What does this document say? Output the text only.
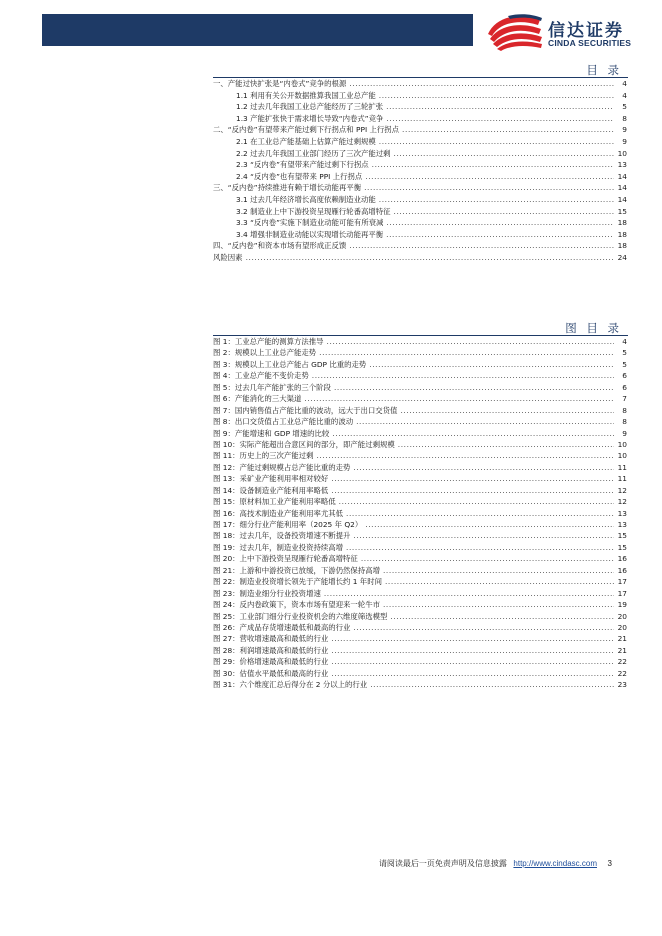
信达证券
CINDA SECURITIES
目 录
一、产能过快扩张是“内卷式”竞争的根源 .....	4
1.1 利用有关公开数据推算我国工业总产能 .....	4
1.2 过去几年我国工业总产能经历了三轮扩张 .....	5
1.3 产能扩张快于需求增长导致“内卷式”竞争 .....	8
二、“反内卷”有望带来产能过剩下行拐点和 PPI 上行拐点 .....	9
2.1 在工业总产能基础上估算产能过剩规模 .....	9
2.2 过去几年我国工业部门经历了三次产能过剩 .....	10
2.3 “反内卷”有望带来产能过剩下行拐点 .....	13
2.4 “反内卷”也有望带来 PPI 上行拐点 .....	14
三、“反内卷”持续推进有赖于增长动能再平衡 .....	14
3.1 过去几年经济增长高度依赖制造业动能 .....	14
3.2 制造业上中下游投资呈现雁行轮番高增特征 .....	15
3.3 “反内卷”实施下制造业动能可能有所衰减 .....	18
3.4 增强非制造业动能以实现增长动能再平衡 .....	18
四、“反内卷”和资本市场有望形成正反馈 .....	18
风险因素 .....	24
图 目 录
图 1：工业总产能的测算方法推导 .....	4
图 2：规模以上工业总产能走势 .....	5
图 3：规模以上工业总产能占 GDP 比重的走势 .....	5
图 4：工业总产能不变价走势 .....	6
图 5：过去几年产能扩张的三个阶段 .....	6
图 6：产能消化的三大渠道 .....	7
图 7：国内销售值占产能比重的波动，远大于出口交货值 .....	8
图 8：出口交货值占工业总产能比重的波动 .....	8
图 9：产能增速和 GDP 增速的比较 .....	9
图 10：实际产能超出合意区间的部分，即产能过剩规模 .....	10
图 11：历史上的三次产能过剩 .....	10
图 12：产能过剩规模占总产能比重的走势 .....	11
图 13：采矿业产能利用率相对较好 .....	11
图 14：设备制造业产能利用率略低 .....	12
图 15：原材料加工业产能利用率略低 .....	12
图 16：高技术制造业产能利用率尤其低 .....	13
图 17：细分行业产能利用率（2025 年 Q2） .....	13
图 18：过去几年，设备投资增速不断提升 .....	15
图 19：过去几年，制造业投资持续高增 .....	15
图 20：上中下游投资呈现雁行轮番高增特征 .....	16
图 21：上游和中游投资已放缓，下游仍然保持高增 .....	16
图 22：制造业投资增长领先于产能增长约 1 年时间 .....	17
图 23：制造业细分行业投资增速 .....	17
图 24：反内卷政策下，资本市场有望迎来一轮牛市 .....	19
图 25：工业部门细分行业投资机会的六维度筛选模型 .....	20
图 26：产成品存货增速最低和最高的行业 .....	20
图 27：营收增速最高和最低的行业 .....	21
图 28：利润增速最高和最低的行业 .....	21
图 29：价格增速最高和最低的行业 .....	22
图 30：估值水平最低和最高的行业 .....	22
图 31：六个维度汇总后得分在 2 分以上的行业 .....	23
请阅读最后一页免责声明及信息披露 http://www.cindasc.com 3
